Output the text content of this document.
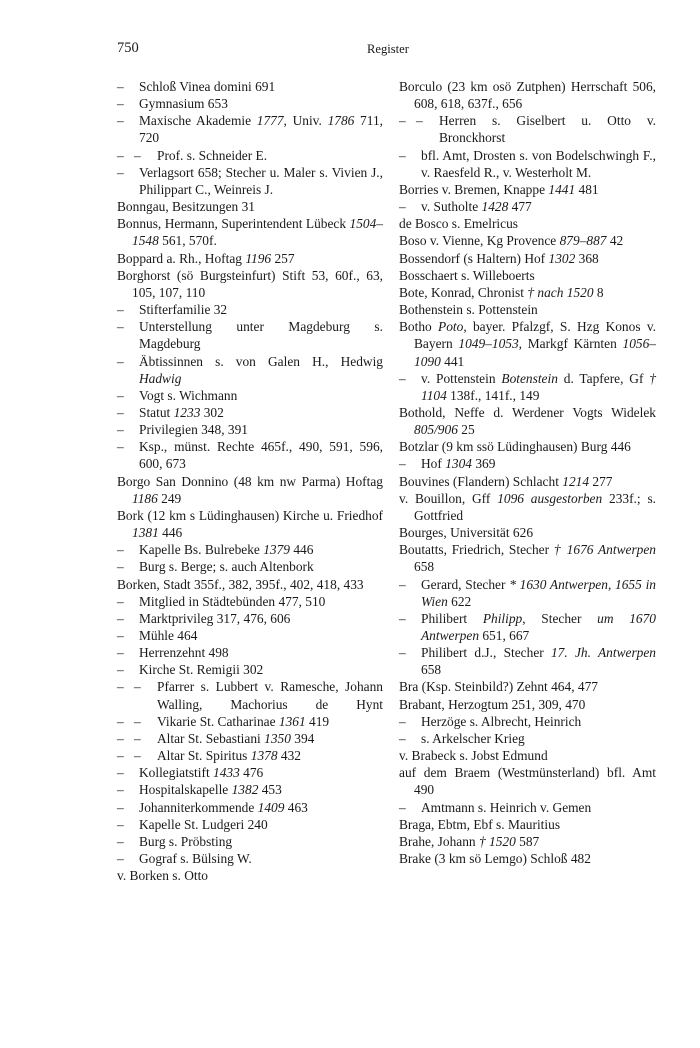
750	Register
– Schloß Vinea domini 691
– Gymnasium 653
– Maxische Akademie 1777, Univ. 1786 711, 720
– – Prof. s. Schneider E.
– Verlagsort 658; Stecher u. Maler s. Vivien J., Philippart C., Weinreis J.
Bonngau, Besitzungen 31
Bonnus, Hermann, Superintendent Lübeck 1504–1548 561, 570f.
Boppard a. Rh., Hoftag 1196 257
Borghorst (sö Burgsteinfurt) Stift 53, 60f., 63, 105, 107, 110
– Stifterfamilie 32
– Unterstellung unter Magdeburg s. Magdeburg
– Äbtissinnen s. von Galen H., Hedwig Hadwig
– Vogt s. Wichmann
– Statut 1233 302
– Privilegien 348, 391
– Ksp., münst. Rechte 465f., 490, 591, 596, 600, 673
Borgo San Donnino (48 km nw Parma) Hoftag 1186 249
Bork (12 km s Lüdinghausen) Kirche u. Friedhof 1381 446
– Kapelle Bs. Bulrebeke 1379 446
– Burg s. Berge; s. auch Altenbork
Borken, Stadt 355f., 382, 395f., 402, 418, 433
– Mitglied in Städtebünden 477, 510
– Marktprivileg 317, 476, 606
– Mühle 464
– Herrenzehnt 498
– Kirche St. Remigii 302
– – Pfarrer s. Lubbert v. Ramesche, Johann Walling, Machorius de Hynt
– – Vikarie St. Catharinae 1361 419
– – Altar St. Sebastiani 1350 394
– – Altar St. Spiritus 1378 432
– Kollegiatstift 1433 476
– Hospitalskapelle 1382 453
– Johanniterkommende 1409 463
– Kapelle St. Ludgeri 240
– Burg s. Pröbsting
– Gograf s. Bülsing W.
v. Borken s. Otto
Borculo (23 km osö Zutphen) Herrschaft 506, 608, 618, 637f., 656
– – Herren s. Giselbert u. Otto v. Bronckhorst
– bfl. Amt, Drosten s. von Bodelschwingh F., v. Raesfeld R., v. Westerholt M.
Borries v. Bremen, Knappe 1441 481
– v. Sutholte 1428 477
de Bosco s. Emelricus
Boso v. Vienne, Kg Provence 879–887 42
Bossendorf (s Haltern) Hof 1302 368
Bosschaert s. Willeboerts
Bote, Konrad, Chronist † nach 1520 8
Bothenstein s. Pottenstein
Botho Poto, bayer. Pfalzgf, S. Hzg Konos v. Bayern 1049–1053, Markgf Kärnten 1056–1090 441
– v. Pottenstein Botenstein d. Tapfere, Gf † 1104 138f., 141f., 149
Bothold, Neffe d. Werdener Vogts Widelek 805/906 25
Botzlar (9 km ssö Lüdinghausen) Burg 446
– Hof 1304 369
Bouvines (Flandern) Schlacht 1214 277
v. Bouillon, Gff 1096 ausgestorben 233f.; s. Gottfried
Bourges, Universität 626
Boutatts, Friedrich, Stecher † 1676 Antwerpen 658
– Gerard, Stecher * 1630 Antwerpen, 1655 in Wien 622
– Philibert Philipp, Stecher um 1670 Antwerpen 651, 667
– Philibert d.J., Stecher 17. Jh. Antwerpen 658
Bra (Ksp. Steinbild?) Zehnt 464, 477
Brabant, Herzogtum 251, 309, 470
– Herzöge s. Albrecht, Heinrich
– s. Arkelscher Krieg
v. Brabeck s. Jobst Edmund
auf dem Braem (Westmünsterland) bfl. Amt 490
– Amtmann s. Heinrich v. Gemen
Braga, Ebtm, Ebf s. Mauritius
Brahe, Johann † 1520 587
Brake (3 km sö Lemgo) Schloß 482
